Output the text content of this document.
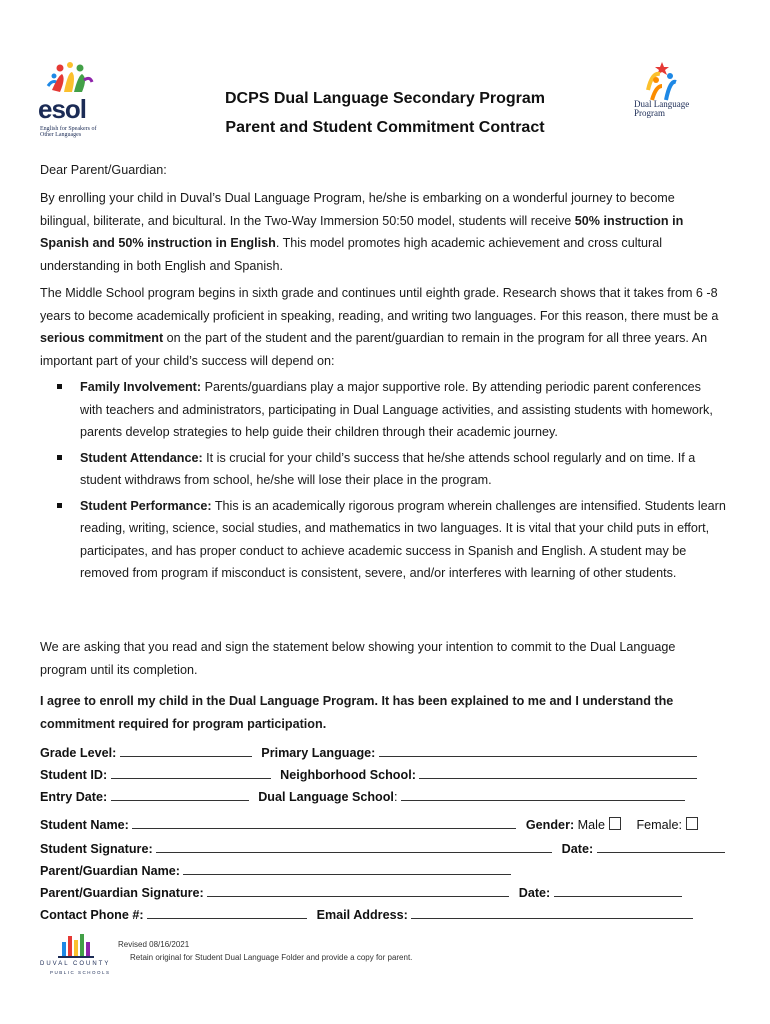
esol
English for Speakers of Other Languages
Dual Language Program
DCPS Dual Language Secondary Program
Parent and Student Commitment Contract
Dear Parent/Guardian:
By enrolling your child in Duval’s Dual Language Program, he/she is embarking on a wonderful journey to become bilingual, biliterate, and bicultural. In the Two-Way Immersion 50:50 model, students will receive 50% instruction in Spanish and 50% instruction in English. This model promotes high academic achievement and cross cultural understanding in both English and Spanish.
The Middle School program begins in sixth grade and continues until eighth grade. Research shows that it takes from 6 -8 years to become academically proficient in speaking, reading, and writing two languages. For this reason, there must be a serious commitment on the part of the student and the parent/guardian to remain in the program for all three years. An important part of your child’s success will depend on:
Family Involvement: Parents/guardians play a major supportive role. By attending periodic parent conferences with teachers and administrators, participating in Dual Language activities, and assisting students with homework, parents develop strategies to help guide their children through their academic journey.
Student Attendance: It is crucial for your child’s success that he/she attends school regularly and on time. If a student withdraws from school, he/she will lose their place in the program.
Student Performance: This is an academically rigorous program wherein challenges are intensified. Students learn reading, writing, science, social studies, and mathematics in two languages. It is vital that your child puts in effort, participates, and has proper conduct to achieve academic success in Spanish and English. A student may be removed from program if misconduct is consistent, severe, and/or interferes with learning of other students.
We are asking that you read and sign the statement below showing your intention to commit to the Dual Language program until its completion.
I agree to enroll my child in the Dual Language Program. It has been explained to me and I understand the commitment required for program participation.
Grade Level:	Primary Language:
Student ID:	Neighborhood School:
Entry Date:	Dual Language School:
Student Name:	Gender: Male	Female:
Student Signature:	Date:
Parent/Guardian Name:
Parent/Guardian Signature:	Date:
Contact Phone #:	Email Address:
DUVAL COUNTY
PUBLIC SCHOOLS
Revised 08/16/2021
Retain original for Student Dual Language Folder and provide a copy for parent.
